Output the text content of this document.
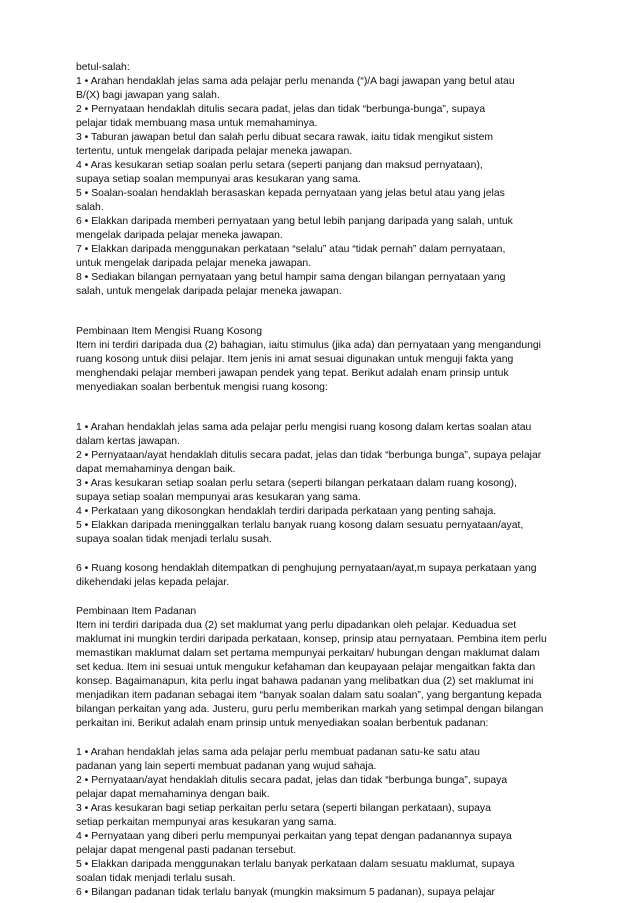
betul-salah:
1 • Arahan hendaklah jelas sama ada pelajar perlu menanda (“)/A bagi jawapan yang betul atau
B/(X) bagi jawapan yang salah.
2 • Pernyataan hendaklah ditulis secara padat, jelas dan tidak “berbunga-bunga”, supaya
pelajar tidak membuang masa untuk memahaminya.
3 • Taburan jawapan betul dan salah perlu dibuat secara rawak, iaitu tidak mengikut sistem
tertentu, untuk mengelak daripada pelajar meneka jawapan.
4 • Aras kesukaran setiap soalan perlu setara (seperti panjang dan maksud pernyataan),
supaya setiap soalan mempunyai aras kesukaran yang sama.
5 • Soalan-soalan hendaklah berasaskan kepada pernyataan yang jelas betul atau yang jelas
salah.
6 • Elakkan daripada memberi pernyataan yang betul lebih panjang daripada yang salah, untuk
mengelak daripada pelajar meneka jawapan.
7 • Elakkan daripada menggunakan perkataan “selalu” atau “tidak pernah” dalam pernyataan,
untuk mengelak daripada pelajar meneka jawapan.
8 • Sediakan bilangan pernyataan yang betul hampir sama dengan bilangan pernyataan yang
salah, untuk mengelak daripada pelajar meneka jawapan.
Pembinaan Item Mengisi Ruang Kosong
Item ini terdiri daripada dua (2) bahagian, iaitu stimulus (jika ada) dan pernyataan yang mengandungi
ruang kosong untuk diisi pelajar. Item jenis ini amat sesuai digunakan untuk menguji fakta yang
menghendaki pelajar memberi jawapan pendek yang tepat. Berikut adalah enam prinsip untuk
menyediakan soalan berbentuk mengisi ruang kosong:
1 • Arahan hendaklah jelas sama ada pelajar perlu mengisi ruang kosong dalam kertas soalan atau
dalam kertas jawapan.
2 • Pernyataan/ayat hendaklah ditulis secara padat, jelas dan tidak “berbunga bunga”, supaya pelajar
dapat memahaminya dengan baik.
3 • Aras kesukaran setiap soalan perlu setara (seperti bilangan perkataan dalam ruang kosong),
supaya setiap soalan mempunyai aras kesukaran yang sama.
4 • Perkataan yang dikosongkan hendaklah terdiri daripada perkataan yang penting sahaja.
5 • Elakkan daripada meninggalkan terlalu banyak ruang kosong dalam sesuatu pernyataan/ayat,
supaya soalan tidak menjadi terlalu susah.
6 • Ruang kosong hendaklah ditempatkan di penghujung pernyataan/ayat,m supaya perkataan yang
dikehendaki jelas kepada pelajar.
Pembinaan Item Padanan
Item ini terdiri daripada dua (2) set maklumat yang perlu dipadankan oleh pelajar. Keduadua set
maklumat ini mungkin terdiri daripada perkataan, konsep, prinsip atau pernyataan. Pembina item perlu
memastikan maklumat dalam set pertama mempunyai perkaitan/ hubungan dengan maklumat dalam
set kedua. Item ini sesuai untuk mengukur kefahaman dan keupayaan pelajar mengaitkan fakta dan
konsep. Bagaimanapun, kita perlu ingat bahawa padanan yang melibatkan dua (2) set maklumat ini
menjadikan item padanan sebagai item “banyak soalan dalam satu soalan”, yang bergantung kepada
bilangan perkaitan yang ada. Justeru, guru perlu memberikan markah yang setimpal dengan bilangan
perkaitan ini. Berikut adalah enam prinsip untuk menyediakan soalan berbentuk padanan:
1 • Arahan hendaklah jelas sama ada pelajar perlu membuat padanan satu-ke satu atau
padanan yang lain seperti membuat padanan yang wujud sahaja.
2 • Pernyataan/ayat hendaklah ditulis secara padat, jelas dan tidak “berbunga bunga”, supaya
pelajar dapat memahaminya dengan baik.
3 • Aras kesukaran bagi setiap perkaitan perlu setara (seperti bilangan perkataan), supaya
setiap perkaitan mempunyai aras kesukaran yang sama.
4 • Pernyataan yang diberi perlu mempunyai perkaitan yang tepat dengan padanannya supaya
pelajar dapat mengenal pasti padanan tersebut.
5 • Elakkan daripada menggunakan terlalu banyak perkataan dalam sesuatu maklumat, supaya
soalan tidak menjadi terlalu susah.
6 • Bilangan padanan tidak terlalu banyak (mungkin maksimum 5 padanan), supaya pelajar
